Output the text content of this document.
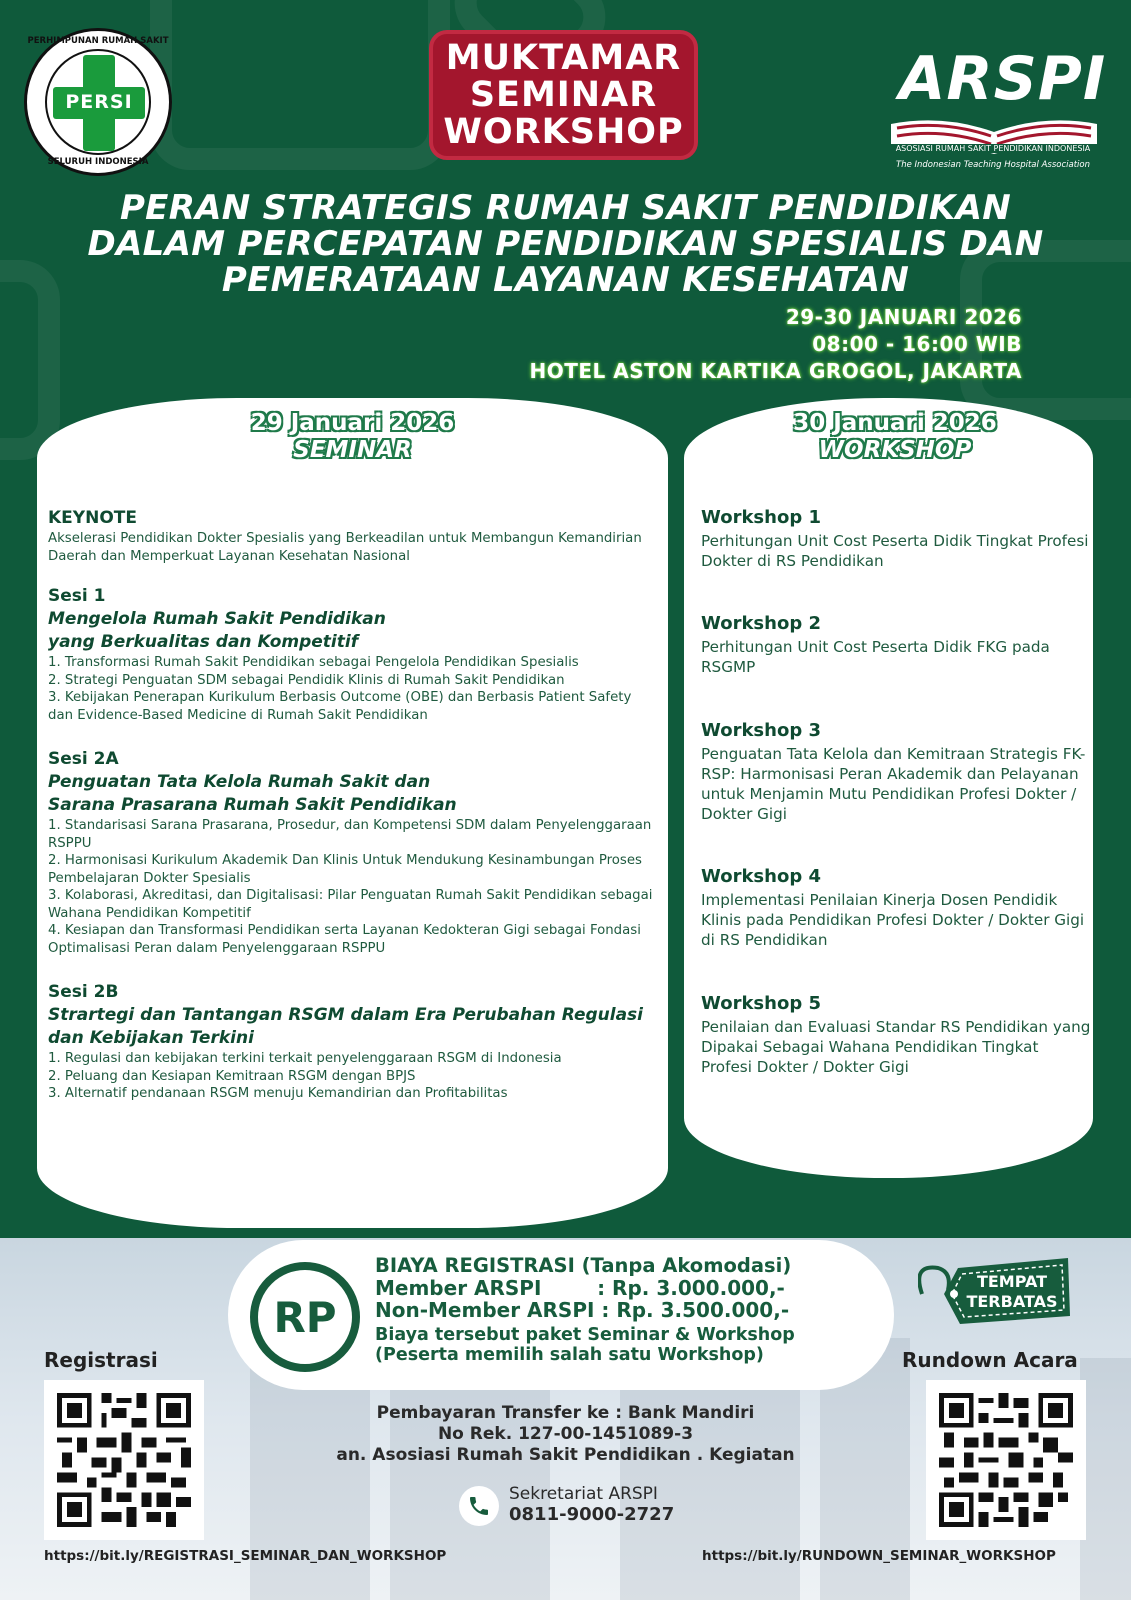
PERHIMPUNAN RUMAH SAKIT
PERSI
SELURUH INDONESIA
MUKTAMAR
SEMINAR
WORKSHOP
ARSPI
ASOSIASI RUMAH SAKIT PENDIDIKAN INDONESIA
The Indonesian Teaching Hospital Association
PERAN STRATEGIS RUMAH SAKIT PENDIDIKAN
DALAM PERCEPATAN PENDIDIKAN SPESIALIS DAN
PEMERATAAN LAYANAN KESEHATAN
29-30 JANUARI 2026
08:00 - 16:00 WIB
HOTEL ASTON KARTIKA GROGOL, JAKARTA
29 Januari 2026
SEMINAR
30 Januari 2026
WORKSHOP
KEYNOTE

Akselerasi Pendidikan Dokter Spesialis yang Berkeadilan untuk Membangun Kemandirian Daerah dan Memperkuat Layanan Kesehatan Nasional

Sesi 1
Mengelola Rumah Sakit Pendidikan
yang Berkualitas dan Kompetitif

1. Transformasi Rumah Sakit Pendidikan sebagai Pengelola Pendidikan Spesialis

2. Strategi Penguatan SDM sebagai Pendidik Klinis di Rumah Sakit Pendidikan

3. Kebijakan Penerapan Kurikulum Berbasis Outcome (OBE) dan Berbasis Patient Safety dan Evidence-Based Medicine di Rumah Sakit Pendidikan

Sesi 2A
Penguatan Tata Kelola Rumah Sakit dan
Sarana Prasarana Rumah Sakit Pendidikan

1. Standarisasi Sarana Prasarana, Prosedur, dan Kompetensi SDM dalam Penyelenggaraan RSPPU

2. Harmonisasi Kurikulum Akademik Dan Klinis Untuk Mendukung Kesinambungan Proses Pembelajaran Dokter Spesialis

3. Kolaborasi, Akreditasi, dan Digitalisasi: Pilar Penguatan Rumah Sakit Pendidikan sebagai Wahana Pendidikan Kompetitif

4. Kesiapan dan Transformasi Pendidikan serta Layanan Kedokteran Gigi sebagai Fondasi Optimalisasi Peran dalam Penyelenggaraan RSPPU

Sesi 2B
Strartegi dan Tantangan RSGM dalam Era Perubahan Regulasi
dan Kebijakan Terkini

1. Regulasi dan kebijakan terkini terkait penyelenggaraan RSGM di Indonesia

2. Peluang dan Kesiapan Kemitraan RSGM dengan BPJS

3. Alternatif pendanaan RSGM menuju Kemandirian dan Profitabilitas

Workshop 1

Perhitungan Unit Cost Peserta Didik Tingkat Profesi Dokter di RS Pendidikan

Workshop 2

Perhitungan Unit Cost Peserta Didik FKG pada RSGMP

Workshop 3

Penguatan Tata Kelola dan Kemitraan Strategis FK-RSP: Harmonisasi Peran Akademik dan Pelayanan untuk Menjamin Mutu Pendidikan Profesi Dokter / Dokter Gigi

Workshop 4

Implementasi Penilaian Kinerja Dosen Pendidik Klinis pada Pendidikan Profesi Dokter / Dokter Gigi di RS Pendidikan

Workshop 5

Penilaian dan Evaluasi Standar RS Pendidikan yang Dipakai Sebagai Wahana Pendidikan Tingkat Profesi Dokter / Dokter Gigi

RP
BIAYA REGISTRASI (Tanpa Akomodasi)
Member ARSPI        : Rp. 3.000.000,-
Non-Member ARSPI : Rp. 3.500.000,-
Biaya tersebut paket Seminar & Workshop
(Peserta memilih salah satu Workshop)
TEMPAT
TERBATAS
Registrasi
https://bit.ly/REGISTRASI_SEMINAR_DAN_WORKSHOP
Rundown Acara
https://bit.ly/RUNDOWN_SEMINAR_WORKSHOP
Pembayaran Transfer ke : Bank Mandiri
No Rek. 127-00-1451089-3
an. Asosiasi Rumah Sakit Pendidikan . Kegiatan
Sekretariat ARSPI
0811-9000-2727
